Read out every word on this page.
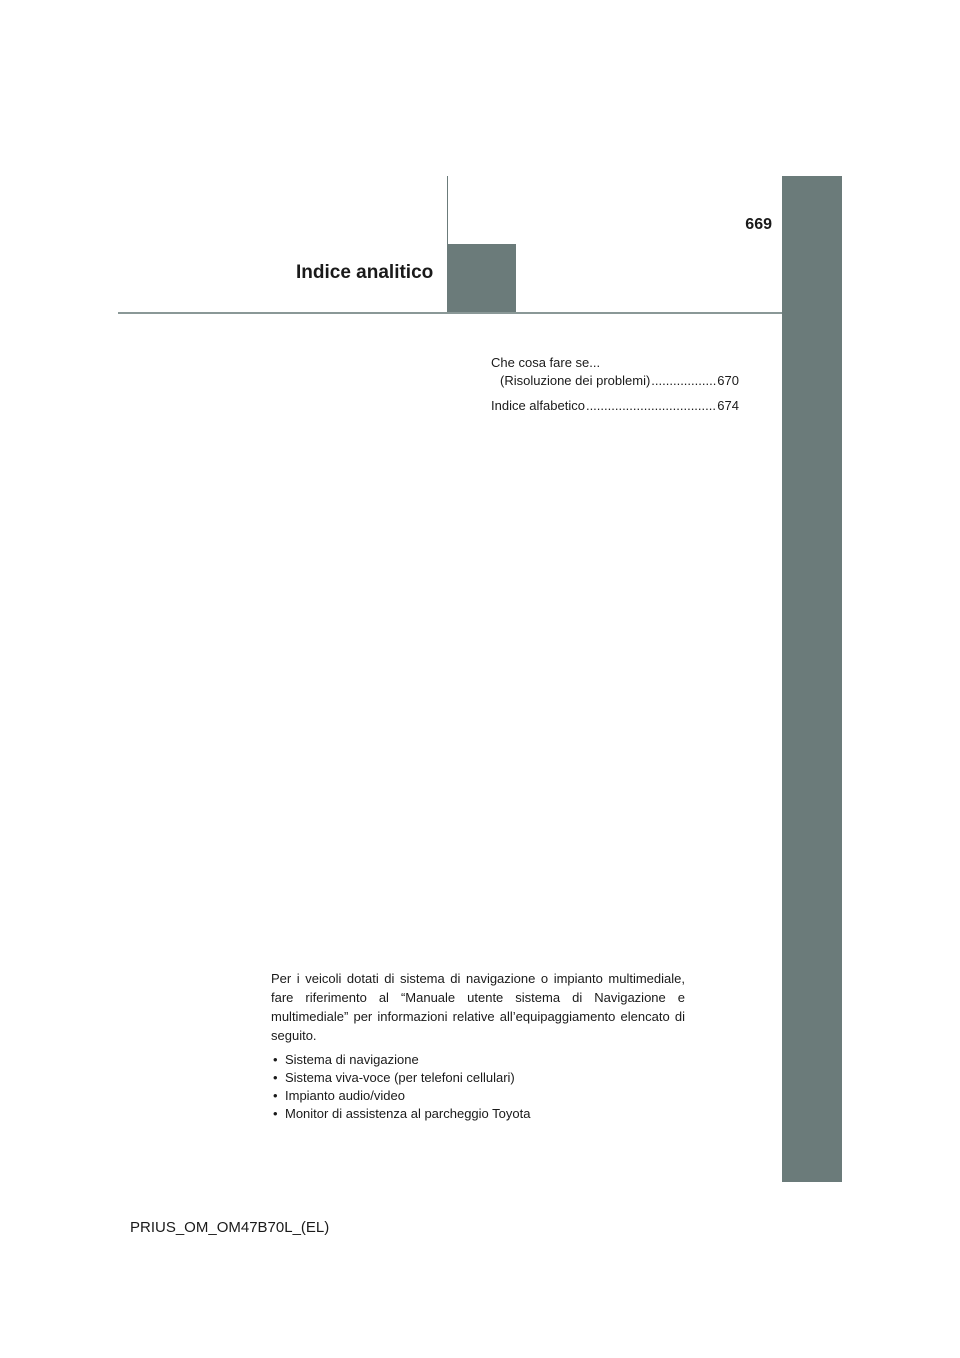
669
Indice analitico
Che cosa fare se...
(Risoluzione dei problemi) .....	670
Indice alfabetico .....	674

Per i veicoli dotati di sistema di navigazione o impianto multimediale, fare riferimento al “Manuale utente sistema di Navigazione e multimediale” per informazioni relative all’equipaggiamento elencato di seguito.

• Sistema di navigazione
• Sistema viva-voce (per telefoni cellulari)
• Impianto audio/video
• Monitor di assistenza al parcheggio Toyota
PRIUS_OM_OM47B70L_(EL)
